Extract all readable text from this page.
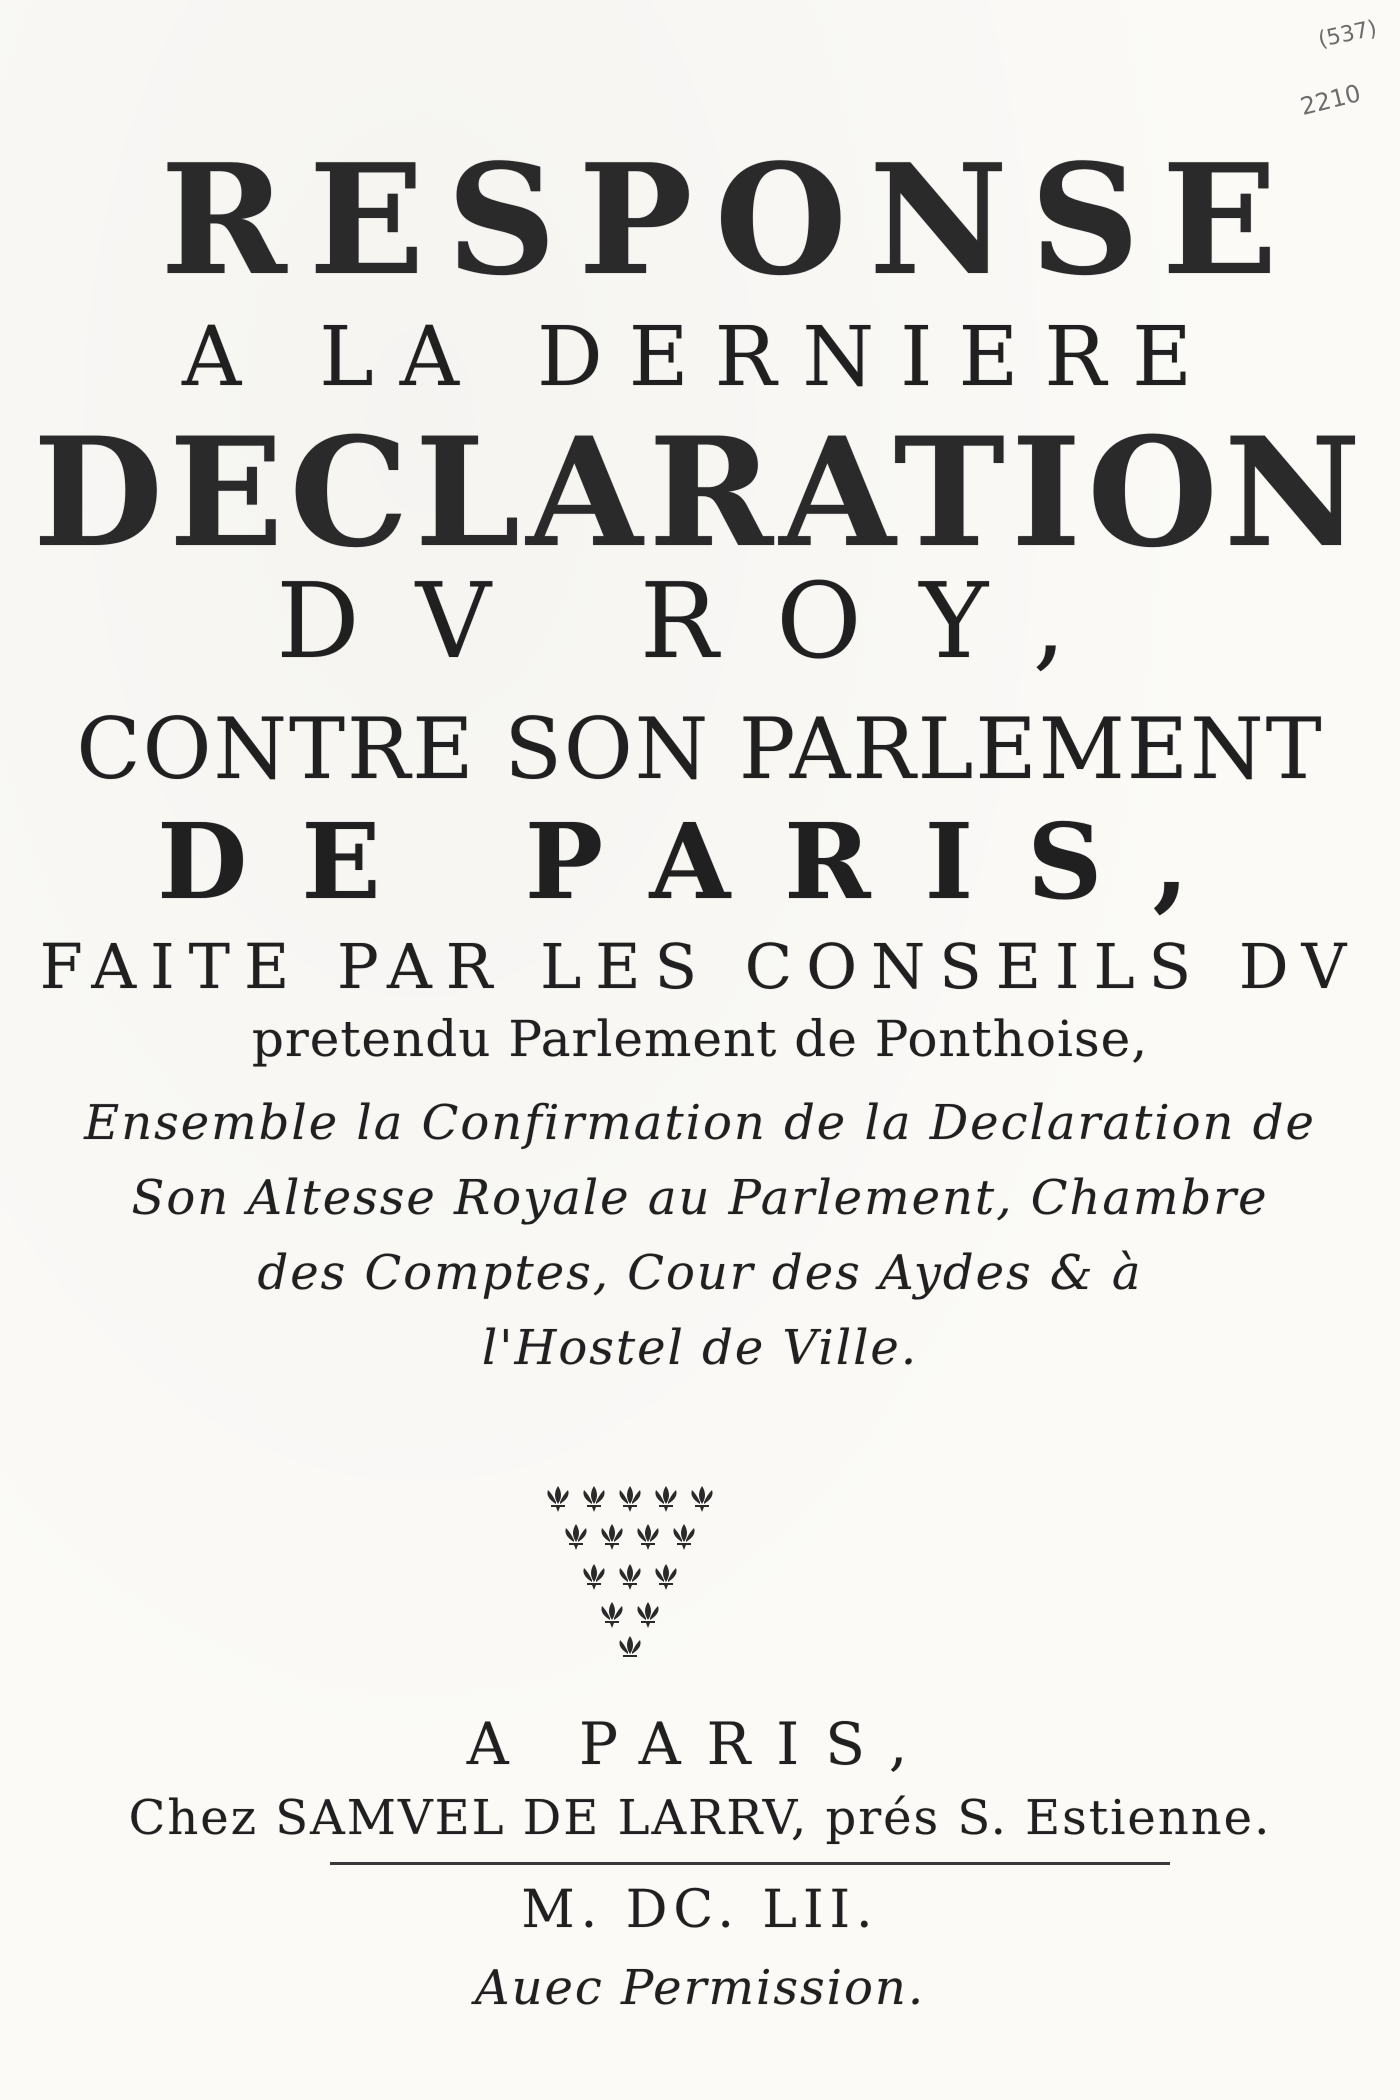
(537)
2210
RESPONSE
A LA DERNIERE
DECLARATION
DV ROY,
CONTRE SON PARLEMENT
DE PARIS,
FAITE PAR LES CONSEILS DV
pretendu Parlement de Ponthoise,
Ensemble la Confirmation de la Declaration de
Son Altesse Royale au Parlement, Chambre
des Comptes, Cour des Aydes & à
l'Hostel de Ville.
A PARIS,
Chez SAMVEL DE LARRV, prés S. Estienne.
M. DC. LII.
Auec Permission.
